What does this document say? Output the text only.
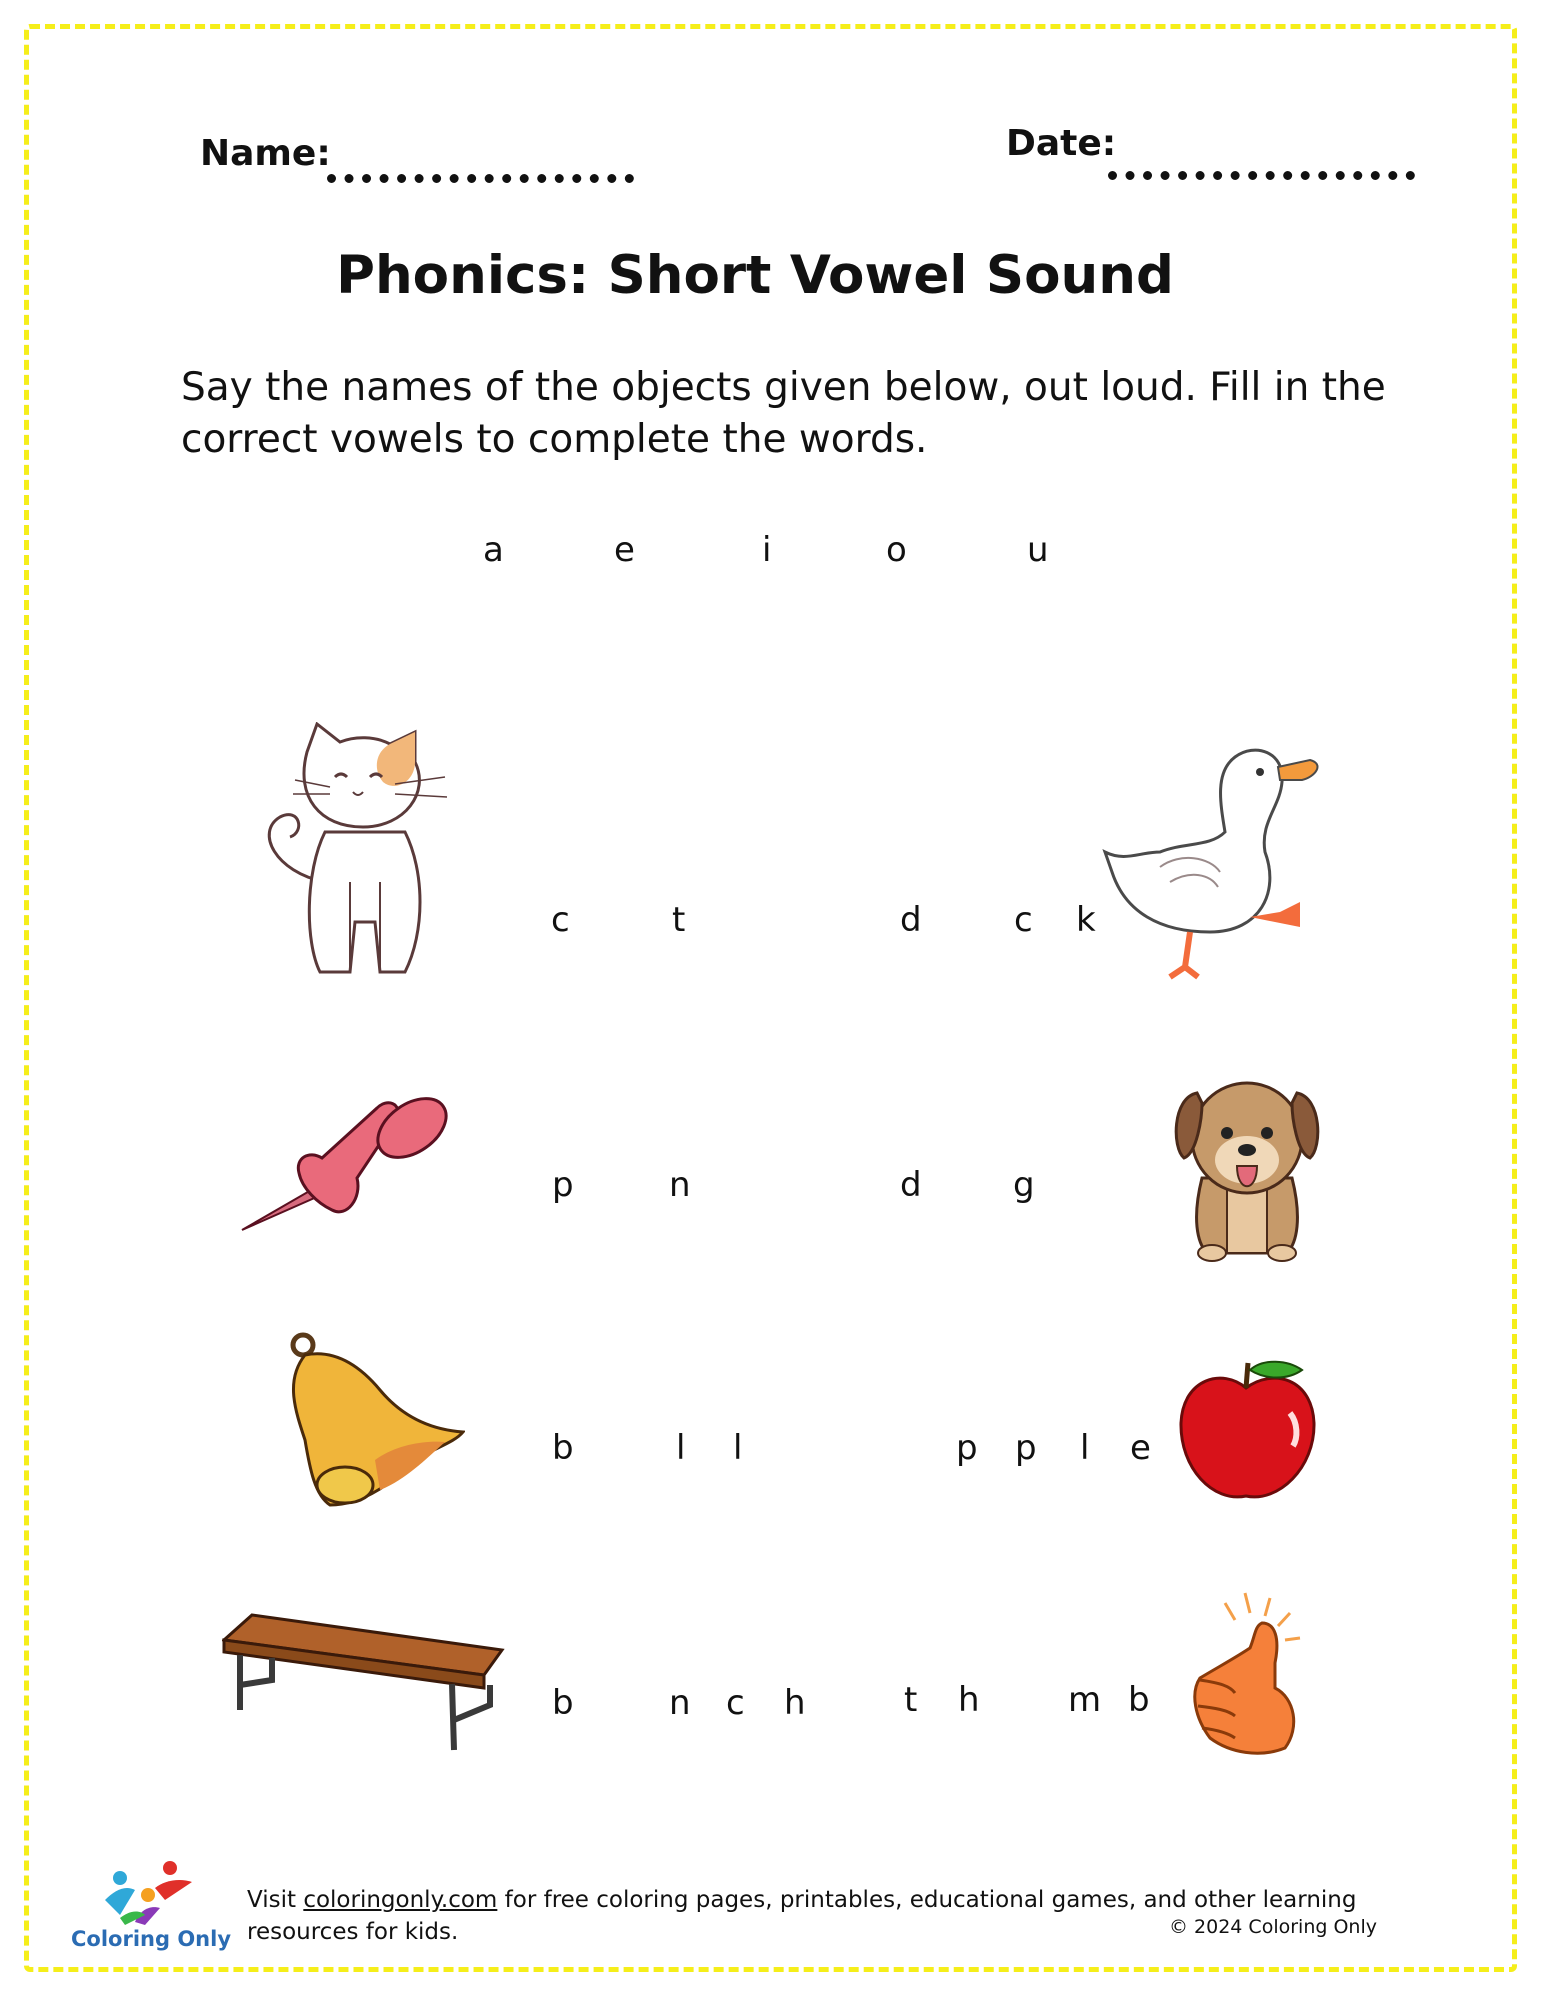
Name:	Date:
Phonics: Short Vowel Sound
Say the names of the objects given below, out loud. Fill in the correct vowels to complete the words.
a	e	i	o	u
c	t	d	c k
p	n	d	g
b	l l	p p l e
b	n c h	t h	m b
Coloring Only
Visit coloringonly.com for free coloring pages, printables, educational games, and other learning resources for kids.	© 2024 Coloring Only
